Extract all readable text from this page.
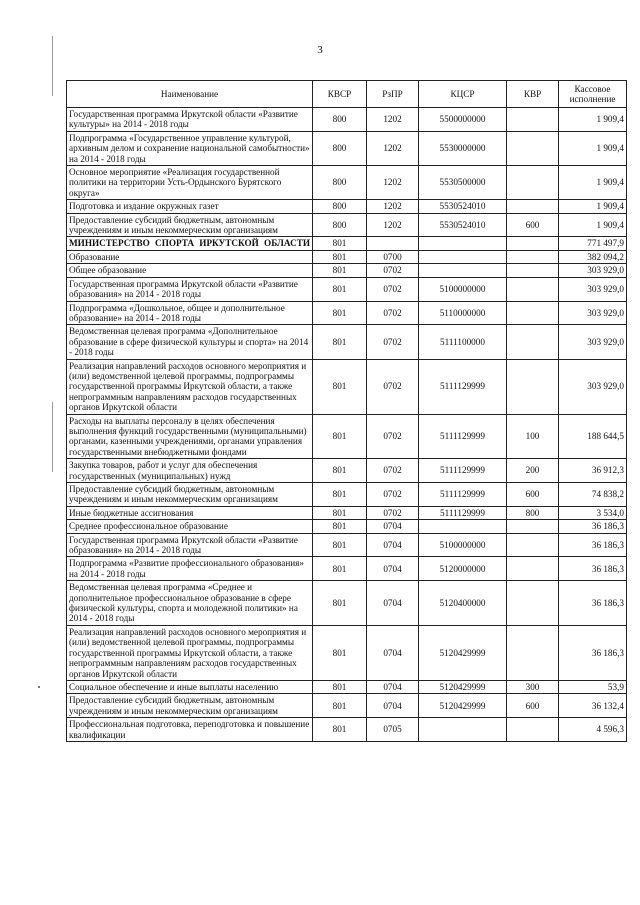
3
Наименование	КВСР	РзПР	КЦСР	КВР	Кассовое исполнение
Государственная программа Иркутской области «Развитие культуры» на 2014 - 2018 годы	800	1202	5500000000		1 909,4
Подпрограмма «Государственное управление культурой, архивным делом и сохранение национальной самобытности» на 2014 - 2018 годы	800	1202	5530000000		1 909,4
Основное мероприятие «Реализация государственной политики на территории Усть-Ордынского Бурятского округа»	800	1202	5530500000		1 909,4
Подготовка и издание окружных газет	800	1202	5530524010		1 909,4
Предоставление субсидий бюджетным, автономным учреждениям и иным некоммерческим организациям	800	1202	5530524010	600	1 909,4
МИНИСТЕРСТВО СПОРТА ИРКУТСКОЙ ОБЛАСТИ	801				771 497,9
Образование	801	0700			382 094,2
Общее образование	801	0702			303 929,0
Государственная программа Иркутской области «Развитие образования» на 2014 - 2018 годы	801	0702	5100000000		303 929,0
Подпрограмма «Дошкольное, общее и дополнительное образование» на 2014 - 2018 годы	801	0702	5110000000		303 929,0
Ведомственная целевая программа «Дополнительное образование в сфере физической культуры и спорта» на 2014 - 2018 годы	801	0702	5111100000		303 929,0
Реализация направлений расходов основного мероприятия и (или) ведомственной целевой программы, подпрограммы государственной программы Иркутской области, а также непрограммным направлениям расходов государственных органов Иркутской области	801	0702	5111129999		303 929,0
Расходы на выплаты персоналу в целях обеспечения выполнения функций государственными (муниципальными) органами, казенными учреждениями, органами управления государственными внебюджетными фондами	801	0702	5111129999	100	188 644,5
Закупка товаров, работ и услуг для обеспечения государственных (муниципальных) нужд	801	0702	5111129999	200	36 912,3
Предоставление субсидий бюджетным, автономным учреждениям и иным некоммерческим организациям	801	0702	5111129999	600	74 838,2
Иные бюджетные ассигнования	801	0702	5111129999	800	3 534,0
Среднее профессиональное образование	801	0704			36 186,3
Государственная программа Иркутской области «Развитие образования» на 2014 - 2018 годы	801	0704	5100000000		36 186,3
Подпрограмма «Развитие профессионального образования» на 2014 - 2018 годы	801	0704	5120000000		36 186,3
Ведомственная целевая программа «Среднее и дополнительное профессиональное образование в сфере физической культуры, спорта и молодежной политики» на 2014 - 2018 годы	801	0704	5120400000		36 186,3
Реализация направлений расходов основного мероприятия и (или) ведомственной целевой программы, подпрограммы государственной программы Иркутской области, а также непрограммным направлениям расходов государственных органов Иркутской области	801	0704	5120429999		36 186,3
Социальное обеспечение и иные выплаты населению	801	0704	5120429999	300	53,9
Предоставление субсидий бюджетным, автономным учреждениям и иным некоммерческим организациям	801	0704	5120429999	600	36 132,4
Профессиональная подготовка, переподготовка и повышение квалификации	801	0705			4 596,3
